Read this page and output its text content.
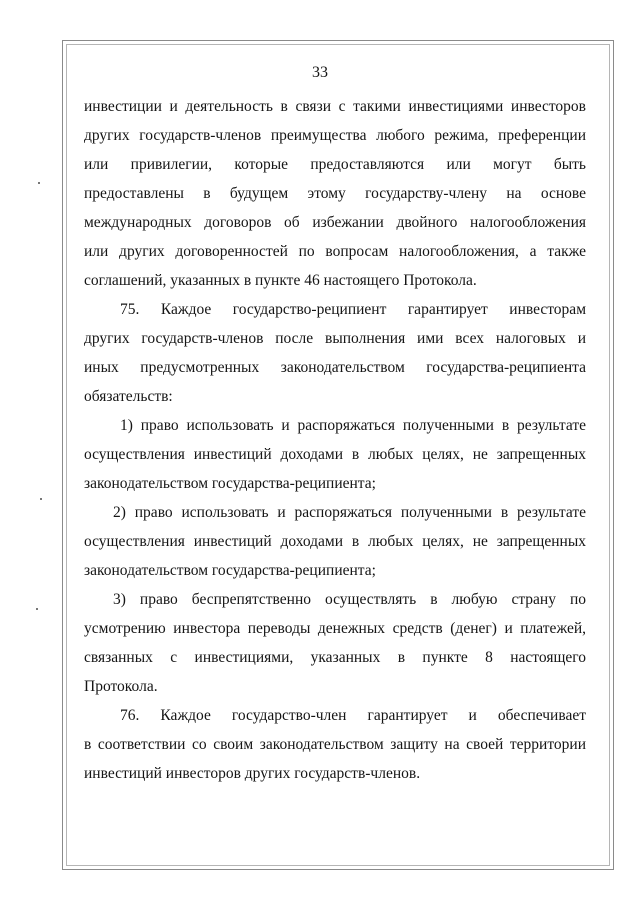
33
инвестиции и деятельность в связи с такими инвестициями инвесторов
других государств-членов преимущества любого режима, преференции
или привилегии, которые предоставляются или могут быть
предоставлены в будущем этому государству-члену на основе
международных договоров об избежании двойного налогообложения
или других договоренностей по вопросам налогообложения, а также
соглашений, указанных в пункте 46 настоящего Протокола.
75. Каждое государство-реципиент гарантирует инвесторам
других государств-членов после выполнения ими всех налоговых и
иных предусмотренных законодательством государства-реципиента
обязательств:
1) право использовать и распоряжаться полученными в результате
осуществления инвестиций доходами в любых целях, не запрещенных
законодательством государства-реципиента;
2) право использовать и распоряжаться полученными в результате
осуществления инвестиций доходами в любых целях, не запрещенных
законодательством государства-реципиента;
3) право беспрепятственно осуществлять в любую страну по
усмотрению инвестора переводы денежных средств (денег) и платежей,
связанных с инвестициями, указанных в пункте 8 настоящего
Протокола.
76. Каждое государство-член гарантирует и обеспечивает
в соответствии со своим законодательством защиту на своей территории
инвестиций инвесторов других государств-членов.
